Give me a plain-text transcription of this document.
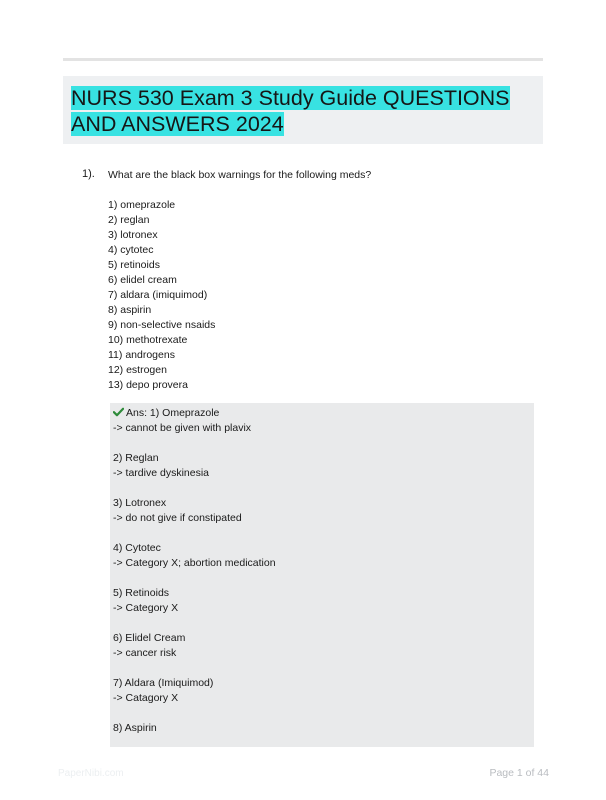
NURS 530 Exam 3 Study Guide QUESTIONS AND ANSWERS 2024
1). What are the black box warnings for the following meds?

1) omeprazole
2) reglan
3) lotronex
4) cytotec
5) retinoids
6) elidel cream
7) aldara (imiquimod)
8) aspirin
9) non-selective nsaids
10) methotrexate
11) androgens
12) estrogen
13) depo provera
Ans: 1) Omeprazole
-> cannot be given with plavix
2) Reglan
-> tardive dyskinesia
3) Lotronex
-> do not give if constipated
4) Cytotec
-> Category X; abortion medication
5) Retinoids
-> Category X
6) Elidel Cream
-> cancer risk
7) Aldara (Imiquimod)
-> Catagory X
8) Aspirin
PaperNibi.com	Page 1 of 44
